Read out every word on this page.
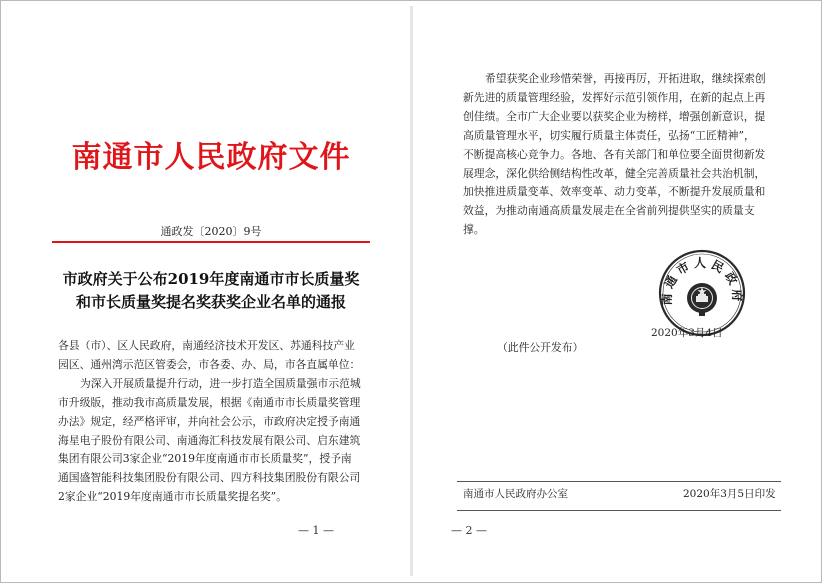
南通市人民政府文件
通政发〔2020〕9号
市政府关于公布2019年度南通市市长质量奖
和市长质量奖提名奖获奖企业名单的通报

各县（市）、区人民政府，南通经济技术开发区、苏通科技产业

园区、通州湾示范区管委会，市各委、办、局，市各直属单位：

为深入开展质量提升行动，进一步打造全国质量强市示范城

市升级版，推动我市高质量发展，根据《南通市市长质量奖管理

办法》规定，经严格评审，并向社会公示，市政府决定授予南通

海星电子股份有限公司、南通海汇科技发展有限公司、启东建筑

集团有限公司3家企业“2019年度南通市市长质量奖”，授予南

通国盛智能科技集团股份有限公司、四方科技集团股份有限公司

2家企业“2019年度南通市市长质量奖提名奖”。

— 1 —

希望获奖企业珍惜荣誉，再接再厉，开拓进取，继续探索创

新先进的质量管理经验，发挥好示范引领作用，在新的起点上再

创佳绩。全市广大企业要以获奖企业为榜样，增强创新意识，提

高质量管理水平，切实履行质量主体责任，弘扬“工匠精神”，

不断提高核心竞争力。各地、各有关部门和单位要全面贯彻新发

展理念，深化供给侧结构性改革，健全完善质量社会共治机制，

加快推进质量变革、效率变革、动力变革，不断提升发展质量和

效益，为推动南通高质量发展走在全省前列提供坚实的质量支

撑。

南通市人民政府
2020年3月4日
（此件公开发布）
南通市人民政府办公室	2020年3月5日印发
— 2 —
